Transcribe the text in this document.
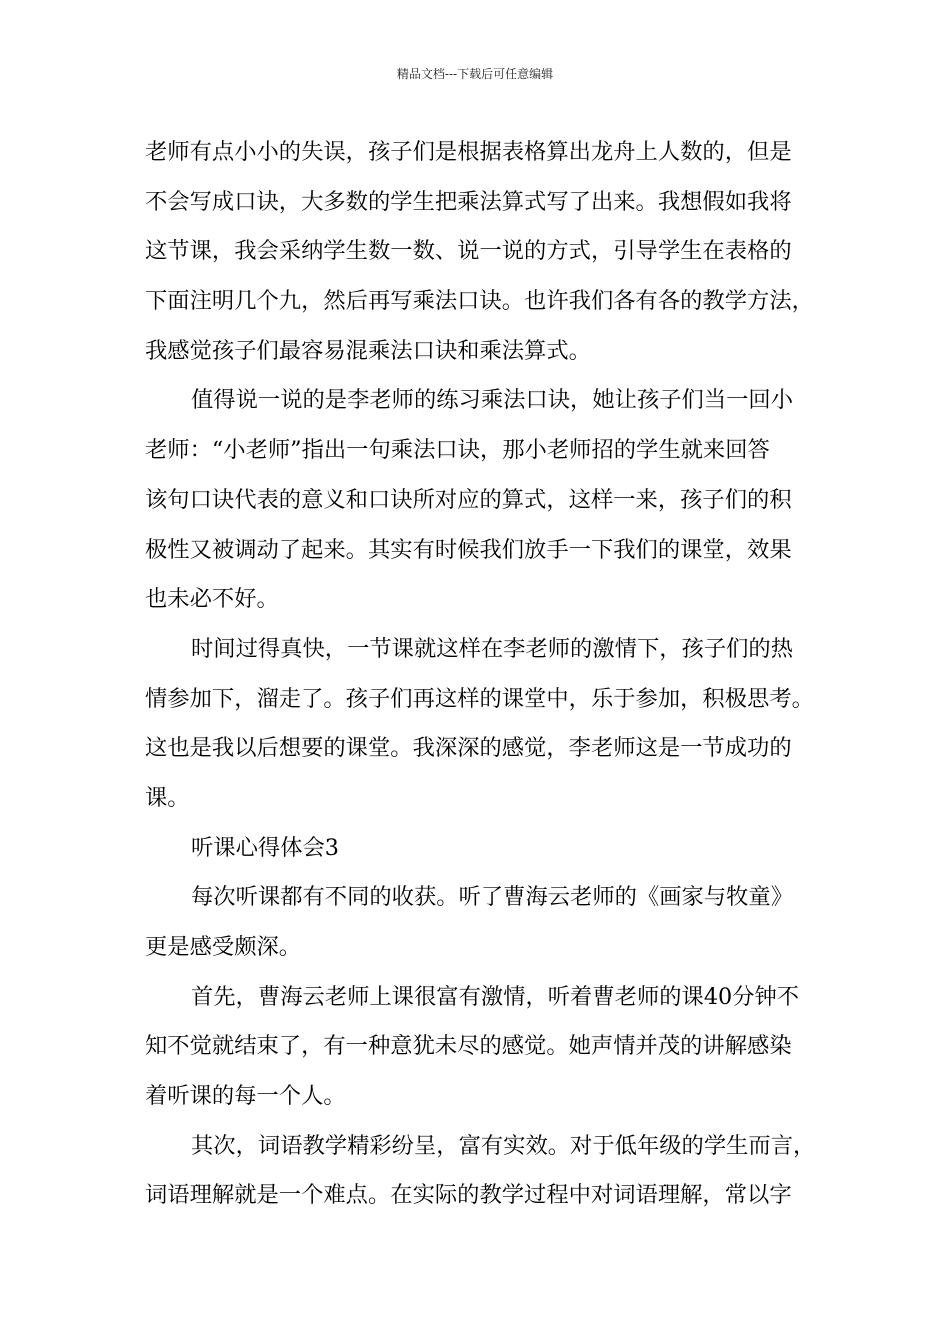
精品文档---下载后可任意编辑
老师有点小小的失误，孩子们是根据表格算出龙舟上人数的，但是
不会写成口诀，大多数的学生把乘法算式写了出来。我想假如我将
这节课，我会采纳学生数一数、说一说的方式，引导学生在表格的
下面注明几个九，然后再写乘法口诀。也许我们各有各的教学方法，
我感觉孩子们最容易混乘法口诀和乘法算式。
值得说一说的是李老师的练习乘法口诀，她让孩子们当一回小
老师：“小老师”指出一句乘法口诀，那小老师招的学生就来回答
该句口诀代表的意义和口诀所对应的算式，这样一来，孩子们的积
极性又被调动了起来。其实有时候我们放手一下我们的课堂，效果
也未必不好。
时间过得真快，一节课就这样在李老师的激情下，孩子们的热
情参加下，溜走了。孩子们再这样的课堂中，乐于参加，积极思考。
这也是我以后想要的课堂。我深深的感觉，李老师这是一节成功的
课。
听课心得体会3
每次听课都有不同的收获。听了曹海云老师的《画家与牧童》
更是感受颇深。
首先，曹海云老师上课很富有激情，听着曹老师的课40分钟不
知不觉就结束了，有一种意犹未尽的感觉。她声情并茂的讲解感染
着听课的每一个人。
其次，词语教学精彩纷呈，富有实效。对于低年级的学生而言，
词语理解就是一个难点。在实际的教学过程中对词语理解，常以字
